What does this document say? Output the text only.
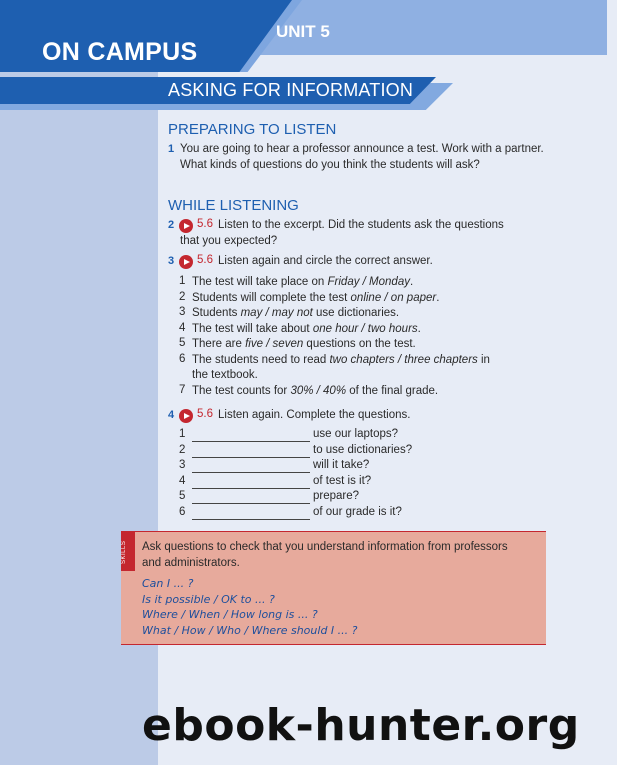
ON CAMPUS
UNIT 5
ASKING FOR INFORMATION
PREPARING TO LISTEN
1 You are going to hear a professor announce a test. Work with a partner.
What kinds of questions do you think the students will ask?
WHILE LISTENING
2 5.6 Listen to the excerpt. Did the students ask the questions
that you expected?
3 5.6 Listen again and circle the correct answer.
1 The test will take place on Friday / Monday.
2 Students will complete the test online / on paper.
3 Students may / may not use dictionaries.
4 The test will take about one hour / two hours.
5 There are five / seven questions on the test.
6 The students need to read two chapters / three chapters in
the textbook.
7 The test counts for 30% / 40% of the final grade.
4 5.6 Listen again. Complete the questions.
1	use our laptops?
2	to use dictionaries?
3	will it take?
4	of test is it?
5	prepare?
6	of our grade is it?
SKILLS	Ask questions to check that you understand information from professors
and administrators.
Can I ... ?
Is it possible / OK to ... ?
Where / When / How long is ... ?
What / How / Who / Where should I ... ?
ebook-hunter.org
